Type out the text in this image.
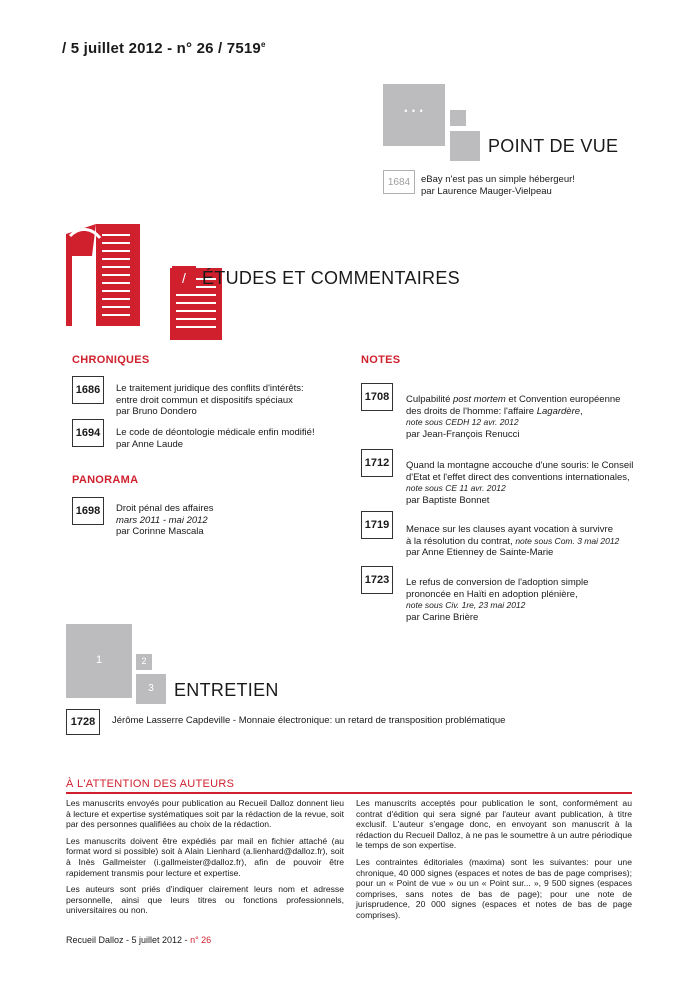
/ 5 juillet 2012 - n° 26 / 7519e
• • •
POINT DE VUE
1684	eBay n'est pas un simple hébergeur!
par Laurence Mauger-Vielpeau
/ ÉTUDES ET COMMENTAIRES
CHRONIQUES
1686	Le traitement juridique des conflits d'intérêts:
entre droit commun et dispositifs spéciaux
par Bruno Dondero
1694	Le code de déontologie médicale enfin modifié!
par Anne Laude
PANORAMA
1698	Droit pénal des affaires
mars 2011 - mai 2012
par Corinne Mascala
NOTES
1708	Culpabilité post mortem et Convention européenne
des droits de l'homme: l'affaire Lagardère,
note sous CEDH 12 avr. 2012
par Jean-François Renucci
1712	Quand la montagne accouche d'une souris: le Conseil
d'Etat et l'effet direct des conventions internationales,
note sous CE 11 avr. 2012
par Baptiste Bonnet
1719	Menace sur les clauses ayant vocation à survivre
à la résolution du contrat, note sous Com. 3 mai 2012
par Anne Etienney de Sainte-Marie
1723	Le refus de conversion de l'adoption simple
prononcée en Haïti en adoption plénière,
note sous Civ. 1re, 23 mai 2012
par Carine Brière
1	2
3	ENTRETIEN
1728	Jérôme Lasserre Capdeville - Monnaie électronique: un retard de transposition problématique
À L'ATTENTION DES AUTEURS

Les manuscrits envoyés pour publication au Recueil Dalloz donnent lieu à lecture et expertise systématiques soit par la rédaction de la revue, soit par des personnes qualifiées au choix de la rédaction.

Les manuscrits doivent être expédiés par mail en fichier attaché (au format word si possible) soit à Alain Lienhard (a.lienhard@dalloz.fr), soit à Inès Gallmeister (i.gallmeister@dalloz.fr), afin de pouvoir être rapidement transmis pour lecture et expertise.

Les auteurs sont priés d'indiquer clairement leurs nom et adresse personnelle, ainsi que leurs titres ou fonctions professionnels, universitaires ou non.

Les manuscrits acceptés pour publication le sont, conformément au contrat d'édition qui sera signé par l'auteur avant publication, à titre exclusif. L'auteur s'engage donc, en envoyant son manuscrit à la rédaction du Recueil Dalloz, à ne pas le soumettre à un autre périodique le temps de son expertise.

Les contraintes éditoriales (maxima) sont les suivantes: pour une chronique, 40 000 signes (espaces et notes de bas de page comprises); pour un « Point de vue » ou un « Point sur... », 9 500 signes (espaces comprises, sans notes de bas de page); pour une note de jurisprudence, 20 000 signes (espaces et notes de bas de page comprises).

Recueil Dalloz - 5 juillet 2012 - n° 26
